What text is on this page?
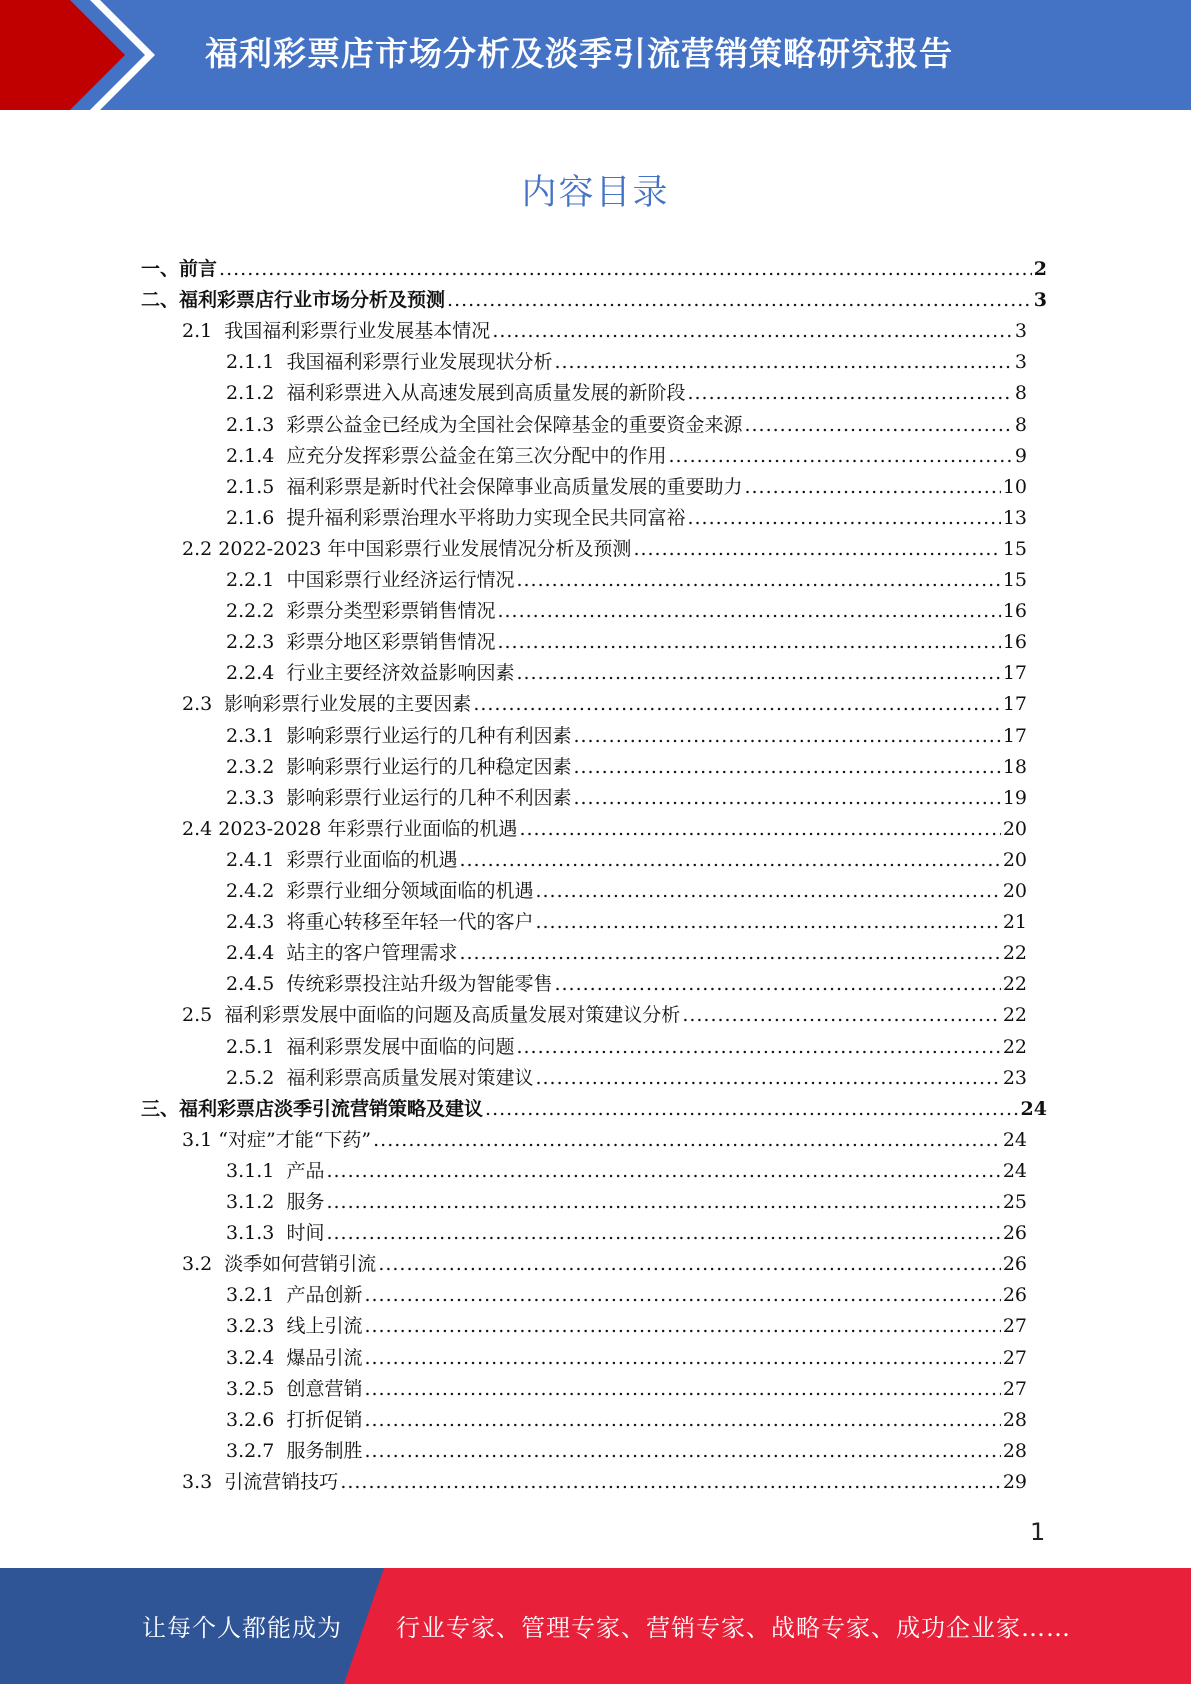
福利彩票店市场分析及淡季引流营销策略研究报告
内容目录
一、 前言 .....	2
二、 福利彩票店行业市场分析及预测 .....	3
2.1 我国福利彩票行业发展基本情况 .....	3
2.1.1 我国福利彩票行业发展现状分析 .....	3
2.1.2 福利彩票进入从高速发展到高质量发展的新阶段 .....	8
2.1.3 彩票公益金已经成为全国社会保障基金的重要资金来源 .....	8
2.1.4 应充分发挥彩票公益金在第三次分配中的作用 .....	9
2.1.5 福利彩票是新时代社会保障事业高质量发展的重要助力 .....	10
2.1.6 提升福利彩票治理水平将助力实现全民共同富裕 .....	13
2.2 2022-2023 年中国彩票行业发展情况分析及预测 .....	15
2.2.1 中国彩票行业经济运行情况 .....	15
2.2.2 彩票分类型彩票销售情况 .....	16
2.2.3 彩票分地区彩票销售情况 .....	16
2.2.4 行业主要经济效益影响因素 .....	17
2.3 影响彩票行业发展的主要因素 .....	17
2.3.1 影响彩票行业运行的几种有利因素 .....	17
2.3.2 影响彩票行业运行的几种稳定因素 .....	18
2.3.3 影响彩票行业运行的几种不利因素 .....	19
2.4 2023-2028 年彩票行业面临的机遇 .....	20
2.4.1 彩票行业面临的机遇 .....	20
2.4.2 彩票行业细分领域面临的机遇 .....	20
2.4.3 将重心转移至年轻一代的客户 .....	21
2.4.4 站主的客户管理需求 .....	22
2.4.5 传统彩票投注站升级为智能零售 .....	22
2.5 福利彩票发展中面临的问题及高质量发展对策建议分析 .....	22
2.5.1 福利彩票发展中面临的问题 .....	22
2.5.2 福利彩票高质量发展对策建议 .....	23
三、 福利彩票店淡季引流营销策略及建议 .....	24
3.1 “对症”才能“下药” .....	24
3.1.1 产品 .....	24
3.1.2 服务 .....	25
3.1.3 时间 .....	26
3.2 淡季如何营销引流 .....	26
3.2.1 产品创新 .....	26
3.2.3 线上引流 .....	27
3.2.4 爆品引流 .....	27
3.2.5 创意营销 .....	27
3.2.6 打折促销 .....	28
3.2.7 服务制胜 .....	28
3.3 引流营销技巧 .....	29
1
让每个人都能成为 行业专家、管理专家、营销专家、战略专家、成功企业家……
